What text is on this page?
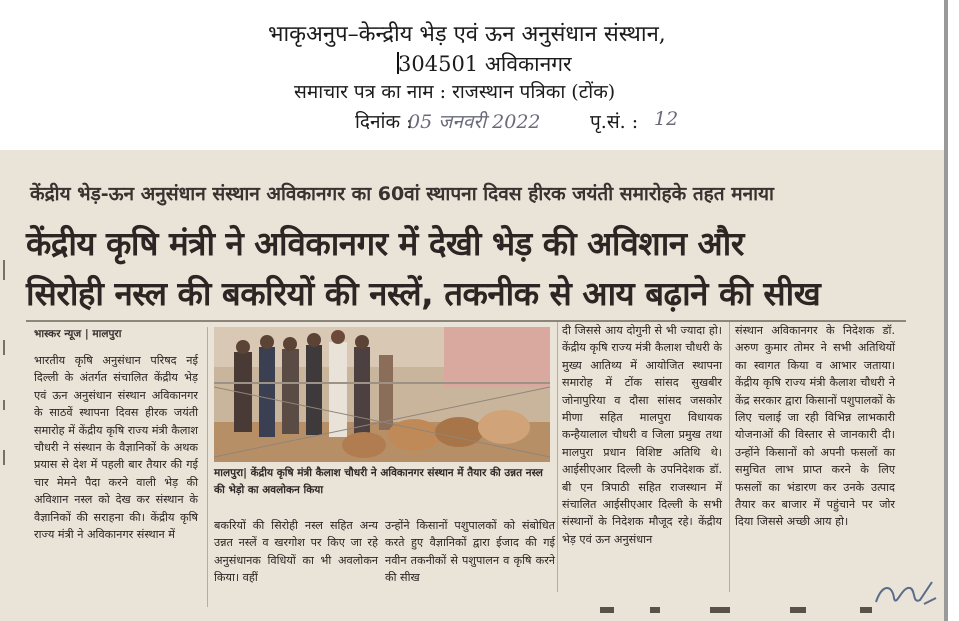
भाकृअनुप–केन्द्रीय भेड़ एवं ऊन अनुसंधान संस्थान,
304501 अविकानगर
समाचार पत्र का नाम : राजस्थान पत्रिका (टोंक)
दिनांक :
05 जनवरी 2022	पृ.सं. : 12
केंद्रीय भेड़-ऊन अनुसंधान संस्थान अविकानगर का 60वां स्थापना दिवस हीरक जयंती समारोहके तहत मनाया
केंद्रीय कृषि मंत्री ने अविकानगर में देखी भेड़ की अविशान और
सिरोही नस्ल की बकरियों की नस्लें, तकनीक से आय बढ़ाने की सीख
भास्कर न्यूज | मालपुरा
भारतीय कृषि अनुसंधान परिषद नई दिल्ली के अंतर्गत संचालित केंद्रीय भेड़ एवं ऊन अनुसंधान संस्थान अविकानगर के साठवें स्थापना दिवस हीरक जयंती समारोह में केंद्रीय कृषि राज्य मंत्री कैलाश चौधरी ने संस्थान के वैज्ञानिकों के अथक प्रयास से देश में पहली बार तैयार की गई चार मेमने पैदा करने वाली भेड़ की अविशान नस्ल को देख कर संस्थान के वैज्ञानिकों की सराहना की। केंद्रीय कृषि राज्य मंत्री ने अविकानगर संस्थान में
मालपुरा| केंद्रीय कृषि मंत्री कैलाश चौधरी ने अविकानगर संस्थान में तैयार की उन्नत नस्ल की भेड़ो का अवलोकन किया
बकरियों की सिरोही नस्ल सहित अन्य उन्नत नस्लें व खरगोश पर किए जा रहे अनुसंधानक विधियों का भी अवलोकन किया। वहीं
उन्होंने किसानों पशुपालकों को संबोधित करते हुए वैज्ञानिकों द्वारा ईजाद की गई नवीन तकनीकों से पशुपालन व कृषि करने की सीख
दी जिससे आय दोगुनी से भी ज्यादा हो। केंद्रीय कृषि राज्य मंत्री कैलाश चौधरी के मुख्य आतिथ्य में आयोजित स्थापना समारोह में टोंक सांसद सुखबीर जोनापुरिया व दौसा सांसद जसकोर मीणा सहित मालपुरा विधायक कन्हैयालाल चौधरी व जिला प्रमुख तथा मालपुरा प्रधान विशिष्ट अतिथि थे। आईसीएआर दिल्ली के उपनिदेशक डॉ. बी एन त्रिपाठी सहित राजस्थान में संचालित आईसीएआर दिल्ली के सभी संस्थानों के निदेशक मौजूद रहे। केंद्रीय भेड़ एवं ऊन अनुसंधान
संस्थान अविकानगर के निदेशक डॉ. अरुण कुमार तोमर ने सभी अतिथियों का स्वागत किया व आभार जताया। केंद्रीय कृषि राज्य मंत्री कैलाश चौधरी ने केंद्र सरकार द्वारा किसानों पशुपालकों के लिए चलाई जा रही विभिन्न लाभकारी योजनाओं की विस्तार से जानकारी दी। उन्होंने किसानों को अपनी फसलों का समुचित लाभ प्राप्त करने के लिए फसलों का भंडारण कर उनके उत्पाद तैयार कर बाजार में पहुंचाने पर जोर दिया जिससे अच्छी आय हो।
